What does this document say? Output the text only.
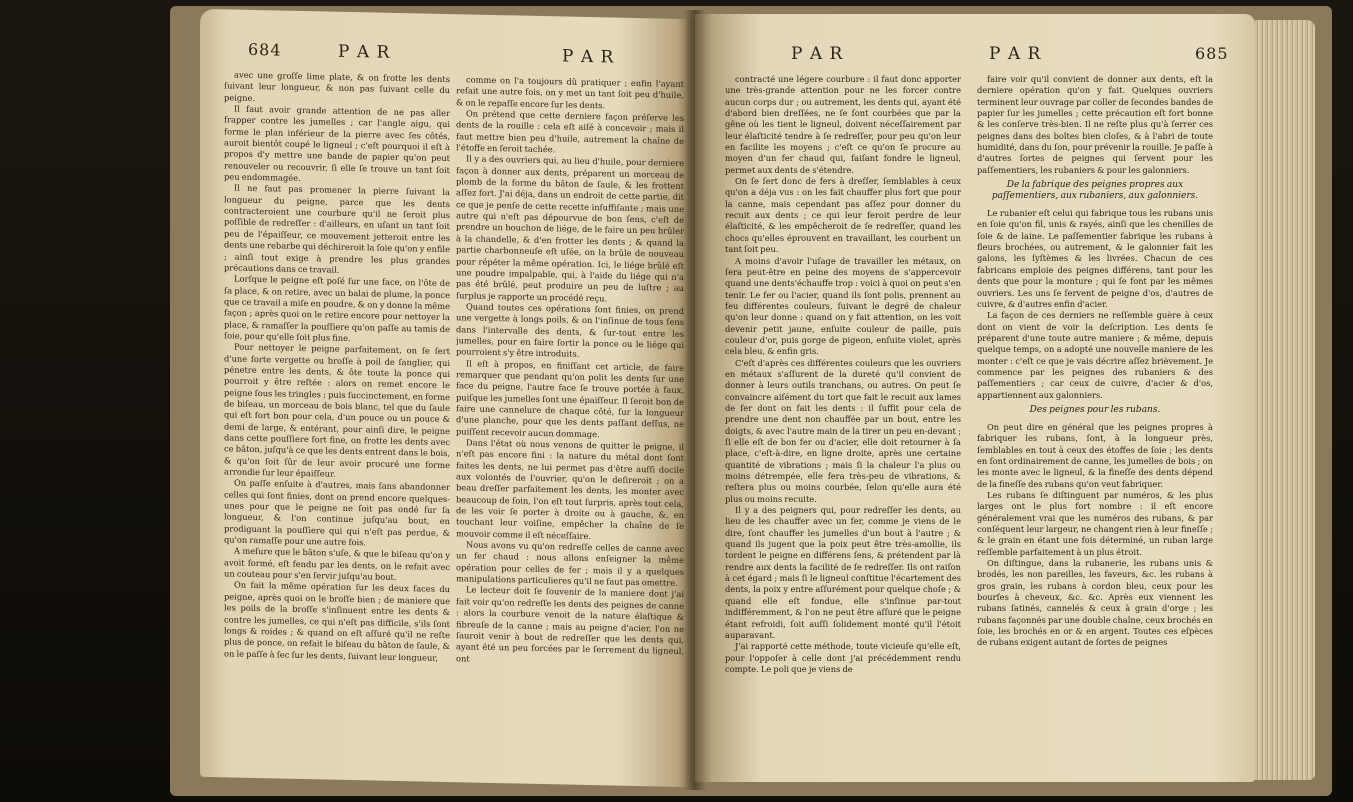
684	P A R	P A R

avec une groſſe lime plate, & on frotte les dents ſuivant leur longueur, & non pas ſuivant celle du peigne.

Il faut avoir grande attention de ne pas aller frapper contre les jumelles ; car l'angle aigu, qui forme le plan inférieur de la pierre avec ſes côtés, auroit bientôt coupé le ligneul ; c'eſt pourquoi il eſt à propos d'y mettre une bande de papier qu'on peut renouveler ou recouvrir, ſi elle ſe trouve un tant ſoit peu endommagée.

Il ne faut pas promener la pierre ſuivant la longueur du peigne, parce que les dents contracteroient une courbure qu'il ne ſeroit plus poſſible de redreſſer : d'ailleurs, en uſant un tant ſoit peu de l'épaiſſeur, ce mouvement jetteroit entre les dents une rebarbe qui déchireroit la ſoie qu'on y enfile ; ainſi tout exige à prendre les plus grandes précautions dans ce travail.

Lorſque le peigne eſt poſé ſur une face, on l'ôte de ſa place, & on retire, avec un balai de plume, la ponce que ce travail a miſe en poudre, & on y donne la même façon ; après quoi on le retire encore pour nettoyer la place, & ramaſſer la pouſſiere qu'on paſſe au tamis de ſoie, pour qu'elle ſoit plus fine.

Pour nettoyer le peigne parfaitement, on ſe ſert d'une forte vergette ou broſſe à poil de ſanglier, qui pénetre entre les dents, & ôte toute la ponce qui pourroit y être reſtée : alors on remet encore le peigne ſous les tringles ; puis ſuccinctement, en forme de biſeau, un morceau de bois blanc, tel que du ſaule qui eſt fort bon pour cela, d'un pouce ou un pouce & demi de large, & entérant, pour ainſi dire, le peigne dans cette pouſſiere fort fine, on frotte les dents avec ce bâton, juſqu'à ce que les dents entrent dans le bois, & qu'on ſoit ſûr de leur avoir procuré une forme arrondie ſur leur épaiſſeur.

On paſſe enſuite à d'autres, mais ſans abandonner celles qui ſont finies, dont on prend encore quelques-unes pour que le peigne ne ſoit pas ondé ſur ſa longueur, & l'on continue juſqu'au bout, en prodiguant la pouſſiere qui qui n'eſt pas perdue, & qu'on ramaſſe pour une autre fois.

A meſure que le bâton s'uſe, & que le biſeau qu'on y avoit formé, eſt fendu par les dents, on le refait avec un couteau pour s'en ſervir juſqu'au bout.

On fait la même opération ſur les deux faces du peigne, après quoi on le broſſe bien ; de maniere que les poils de la broſſe s'inſinuent entre les dents & contre les jumelles, ce qui n'eſt pas difficile, s'ils ſont longs & roides ; & quand on eſt aſſuré qu'il ne reſte plus de ponce, on refait le biſeau du bâton de ſaule, & on le paſſe à ſec ſur les dents, ſuivant leur longueur,

comme on l'a toujours dû pratiquer ; enfin l'ayant refait une autre fois, on y met un tant ſoit peu d'huile, & on le repaſſe encore ſur les dents.

On prétend que cette derniere façon préſerve les dents de la rouille : cela eſt aiſé à concevoir ; mais il faut mettre bien peu d'huile, autrement la chaîne de l'étoffe en ſeroit tachée.

Il y a des ouvriers qui, au lieu d'huile, pour derniere façon à donner aux dents, préparent un morceau de plomb de la forme du bâton de ſaule, & les frottent aſſez fort. J'ai déja, dans un endroit de cette partie, dit ce que je penſe de cette recette inſuffiſante ; mais une autre qui n'eſt pas dépourvue de bon ſens, c'eſt de prendre un bouchon de liége, de le faire un peu brûler à la chandelle, & d'en frotter les dents ; & quand la partie charbonneuſe eſt uſée, on la brûle de nouveau pour répéter la même opération. Ici, le liége brûlé eſt une poudre impalpable, qui, à l'aide du liége qui n'a pas été brûlé, peut produire un peu de luſtre ; au ſurplus je rapporte un procédé reçu.

Quand toutes ces opérations ſont finies, on prend une vergette à longs poils, & on l'inſinue de tous ſens dans l'intervalle des dents, & ſur-tout entre les jumelles, pour en faire ſortir la ponce ou le liége qui pourroient s'y être introduits.

Il eſt à propos, en finiſſant cet article, de faire remarquer que pendant qu'on polit les dents ſur une face du peigne, l'autre face ſe trouve portée à faux, puiſque les jumelles ſont une épaiſſeur. Il ſeroit bon de faire une cannelure de chaque côté, ſur la longueur d'une planche, pour que les dents paſſant deſſus, ne puiſſent recevoir aucun dommage.

Dans l'état où nous venons de quitter le peigne, il n'eſt pas encore fini : la nature du métal dont ſont faites les dents, ne lui permet pas d'être auſſi docile aux volontés de l'ouvrier, qu'on le deſireroit ; on a beau dreſſer parfaitement les dents, les monter avec beaucoup de ſoin, l'on eſt tout ſurpris, après tout cela, de les voir ſe porter à droite ou à gauche, &, en touchant leur voiſine, empêcher la chaîne de ſe mouvoir comme il eſt néceſſaire.

Nous avons vu qu'on redreſſe celles de canne avec un fer chaud : nous allons enſeigner la même opération pour celles de fer ; mais il y a quelques manipulations particulieres qu'il ne faut pas omettre.

Le lecteur doit ſe ſouvenir de la maniere dont j'ai fait voir qu'on redreſſe les dents des peignes de canne : alors la courbure venoit de la nature élaſtique & fibreuſe de la canne ; mais au peigne d'acier, l'on ne ſauroit venir à bout de redreſſer que les dents qui, ayant été un peu forcées par le ſerrement du ligneul, ont

P A R	P A R	685

contracté une légere courbure : il faut donc apporter une très-grande attention pour ne les forcer contre aucun corps dur ; ou autrement, les dents qui, ayant été d'abord bien dreſſées, ne ſe ſont courbées que par la gêne où les tient le ligneul, doivent néceſſairement par leur élaſticité tendre à ſe redreſſer, pour peu qu'on leur en facilite les moyens ; c'eſt ce qu'on ſe procure au moyen d'un fer chaud qui, faiſant fondre le ligneul, permet aux dents de s'étendre.

On ſe ſert donc de fers à dreſſer, ſemblables à ceux qu'on a déja vus : on les fait chauffer plus fort que pour la canne, mais cependant pas aſſez pour donner du recuit aux dents ; ce qui leur feroit perdre de leur élaſticité, & les empêcheroit de ſe redreſſer, quand les chocs qu'elles éprouvent en travaillant, les courbent un tant ſoit peu.

A moins d'avoir l'uſage de travailler les métaux, on ſera peut-être en peine des moyens de s'appercevoir quand une dents'échauffe trop : voici à quoi on peut s'en tenir. Le fer ou l'acier, quand ils ſont polis, prennent au feu différentes couleurs, ſuivant le degré de chaleur qu'on leur donne : quand on y fait attention, on les voit devenir petit jaune, enſuite couleur de paille, puis couleur d'or, puis gorge de pigeon, enſuite violet, après cela bleu, & enfin gris.

C'eſt d'après ces différentes couleurs que les ouvriers en métaux s'aſſurent de la dureté qu'il convient de donner à leurs outils tranchans, ou autres. On peut ſe convaincre aiſément du tort que fait le recuit aux lames de fer dont on fait les dents : il ſuffit pour cela de prendre une dent non chauffée par un bout, entre les doigts, & avec l'autre main de la tirer un peu en-devant ; ſi elle eſt de bon fer ou d'acier, elle doit retourner à ſa place, c'eſt-à-dire, en ligne droite, après une certaine quantité de vibrations ; mais ſi la chaleur l'a plus ou moins détrempée, elle fera très-peu de vibrations, & reſtera plus ou moins courbée, ſelon qu'elle aura été plus ou moins recuite.

Il y a des peigners qui, pour redreſſer les dents, au lieu de les chauffer avec un fer, comme je viens de le dire, ſont chauffer les jumelles d'un bout à l'autre ; & quand ils jugent que la poix peut être très-amollie, ils tordent le peigne en différens ſens, & prétendent par là rendre aux dents la facilité de ſe redreſſer. Ils ont raiſon à cet égard ; mais ſi le ligneul conſtitue l'écartement des dents, la poix y entre aſſurément pour quelque choſe ; & quand elle eſt fondue, elle s'inſinue par-tout indifféremment, & l'on ne peut être aſſuré que le peigne étant refroidi, ſoit auſſi ſolidement monté qu'il l'étoit auparavant.

J'ai rapporté cette méthode, toute vicieuſe qu'elle eſt, pour l'oppoſer à celle dont j'ai précédemment rendu compte. Le poli que je viens de

faire voir qu'il convient de donner aux dents, eſt la derniere opération qu'on y fait. Quelques ouvriers terminent leur ouvrage par coller de ſecondes bandes de papier ſur les jumelles ; cette précaution eſt fort bonne & les conſerve très-bien. Il ne reſte plus qu'à ſerrer ces peignes dans des boîtes bien cloſes, & à l'abri de toute humidité, dans du ſon, pour prévenir la rouille. Je paſſe à d'autres ſortes de peignes qui ſervent pour les paſſementiers, les rubaniers & pour les galonniers.

De la fabrique des peignes propres aux paſſementiers, aux rubaniers, aux galonniers.

Le rubanier eſt celui qui fabrique tous les rubans unis en ſoie qu'on fil, unis & rayés, ainſi que les chenilles de ſoie & de laine. Le paſſementier fabrique les rubans à fleurs brochées, ou autrement, & le galonnier fait les galons, les ſyſtèmes & les livrées. Chacun de ces fabricans emploie des peignes différens, tant pour les dents que pour la monture ; qui ſe font par les mêmes ouvriers. Les uns ſe ſervent de peigne d'os, d'autres de cuivre, & d'autres enfin d'acier.

La façon de ces derniers ne reſſemble guère à ceux dont on vient de voir la deſcription. Les dents ſe préparent d'une toute autre maniere ; & même, depuis quelque temps, on a adopté une nouvelle maniere de les monter : c'eſt ce que je vais décrire aſſez brièvement. Je commence par les peignes des rubaniers & des paſſementiers ; car ceux de cuivre, d'acier & d'os, appartiennent aux galonniers.

Des peignes pour les rubans.

On peut dire en général que les peignes propres à fabriquer les rubans, ſont, à la longueur près, ſemblables en tout à ceux des étoffes de ſoie ; les dents en ſont ordinairement de canne, les jumelles de bois ; on les monte avec le ligneul, & la fineſſe des dents dépend de la fineſſe des rubans qu'on veut fabriquer.

Les rubans ſe diſtinguent par numéros, & les plus larges ont le plus fort nombre : il eſt encore généralement vrai que les numéros des rubans, & par conſéquent leur largeur, ne changent rien à leur fineſſe ; & le grain en étant une fois déterminé, un ruban large reſſemble parfaitement à un plus étroit.

On diſtingue, dans la rubanerie, les rubans unis & brodés, les non pareilles, les faveurs, &c. les rubans à gros grain, les rubans à cordon bleu, ceux pour les bourſes à cheveux, &c. &c. Après eux viennent les rubans ſatinés, cannelés & ceux à grain d'orge ; les rubans façonnés par une double chaîne, ceux brochés en ſoie, les brochés en or & en argent. Toutes ces eſpèces de rubans exigent autant de ſortes de peignes
